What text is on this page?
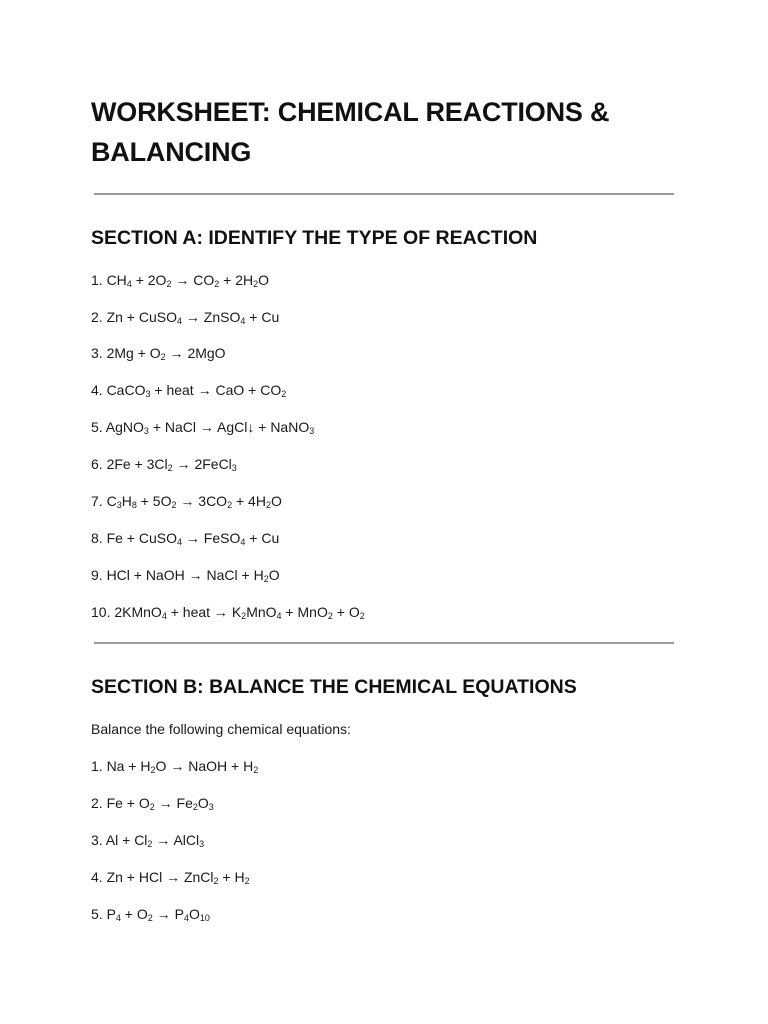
WORKSHEET: CHEMICAL REACTIONS & BALANCING
SECTION A: IDENTIFY THE TYPE OF REACTION

1. $CH_4 + 2O_2 \to CO_2 + 2H_2O$

2. Zn + CuSO$_4$ → ZnSO$_4$ + Cu

3. $2Mg + O_2 \to 2MgO$

4. CaCO$_3$ + heat → CaO + $CO_2$

5. AgNO$_3$ + NaCl → AgCl↓ + NaNO$_3$

6. $2Fe + 3Cl_2$ → 2FeCl$_3$

7. $C_3H_8 + 5O_2 \to 3CO_2 + 4H_2O$

8. Fe + CuSO$_4$ → FeSO$_4$ + Cu

9. HCl + NaOH → NaCl + $H_2O$

10. 2KMnO$_4$ + heat → $K_2MnO_4 + MnO_2 + O_2$

SECTION B: BALANCE THE CHEMICAL EQUATIONS

Balance the following chemical equations:

1. $Na + H_2O$ → NaOH + $H_2$

2. $Fe + O_2 \to Fe_2O_3$

3. $Al + Cl_2$ → AlCl$_3$

4. Zn + HCl → ZnCl$_2$ + $H_2$

5. $P_4 + O_2 \to P_4O_{10}$
